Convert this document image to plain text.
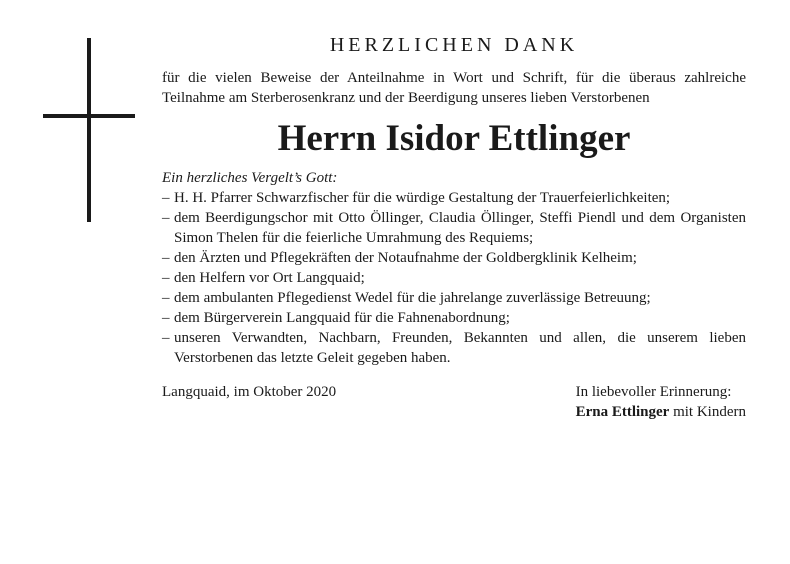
HERZLICHEN DANK

für die vielen Beweise der Anteilnahme in Wort und Schrift, für die überaus zahlreiche Teilnahme am Sterberosenkranz und der Beerdigung unseres lieben Verstorbenen

Herrn Isidor Ettlinger

Ein herzliches Vergelt’s Gott:

– H. H. Pfarrer Schwarzfischer für die würdige Gestaltung der Trauerfeierlichkeiten;
– dem Beerdigungschor mit Otto Öllinger, Claudia Öllinger, Steffi Piendl und dem Organisten Simon Thelen für die feierliche Umrahmung des Requiems;
– den Ärzten und Pflegekräften der Notaufnahme der Goldbergklinik Kelheim;
– den Helfern vor Ort Langquaid;
– dem ambulanten Pflegedienst Wedel für die jahrelange zuverlässige Betreuung;
– dem Bürgerverein Langquaid für die Fahnenabordnung;
– unseren Verwandten, Nachbarn, Freunden, Bekannten und allen, die unserem lieben Verstorbenen das letzte Geleit gegeben haben.
Langquaid, im Oktober 2020	In liebevoller Erinnerung:
Erna Ettlinger mit Kindern
